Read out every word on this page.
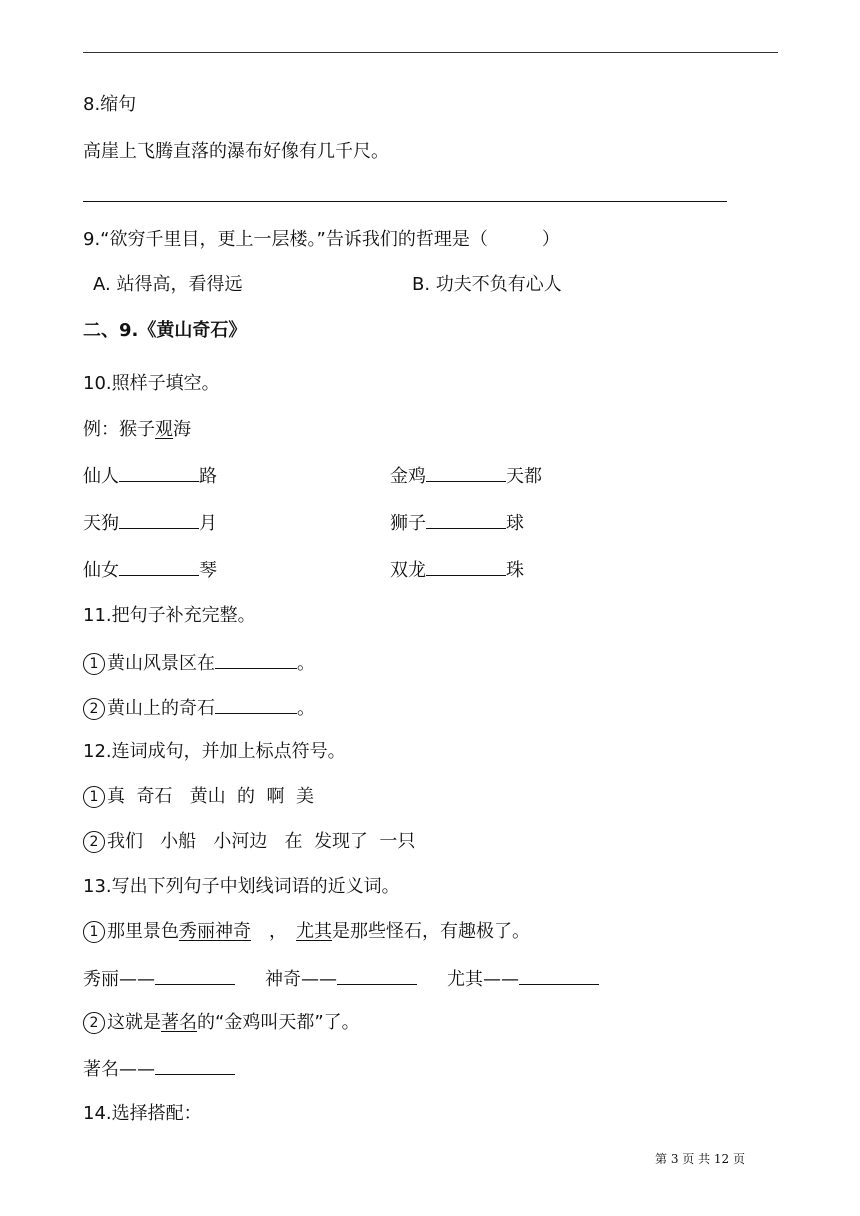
8.缩句
高崖上飞腾直落的瀑布好像有几千尺。
9.“欲穷千里目，更上一层楼。”告诉我们的哲理是（　　　）
A. 站得高，看得远	B. 功夫不负有心人
二、9.《黄山奇石》
10.照样子填空。
例：猴子观海
仙人	路	金鸡	天都
天狗	月	狮子	球
仙女	琴	双龙	珠
11.把句子补充完整。
1 黄山风景区在	。
2 黄山上的奇石	。
12.连词成句，并加上标点符号。
1 真  奇石   黄山  的  啊  美
2 我们   小船   小河边   在  发现了  一只
13.写出下列句子中划线词语的近义词。
1 那里景色秀丽神奇　，　尤其是那些怪石，有趣极了。
秀丽——	神奇——	尤其——
2 这就是著名的“金鸡叫天都”了。
著名——
14.选择搭配：
第 3 页 共 12 页
